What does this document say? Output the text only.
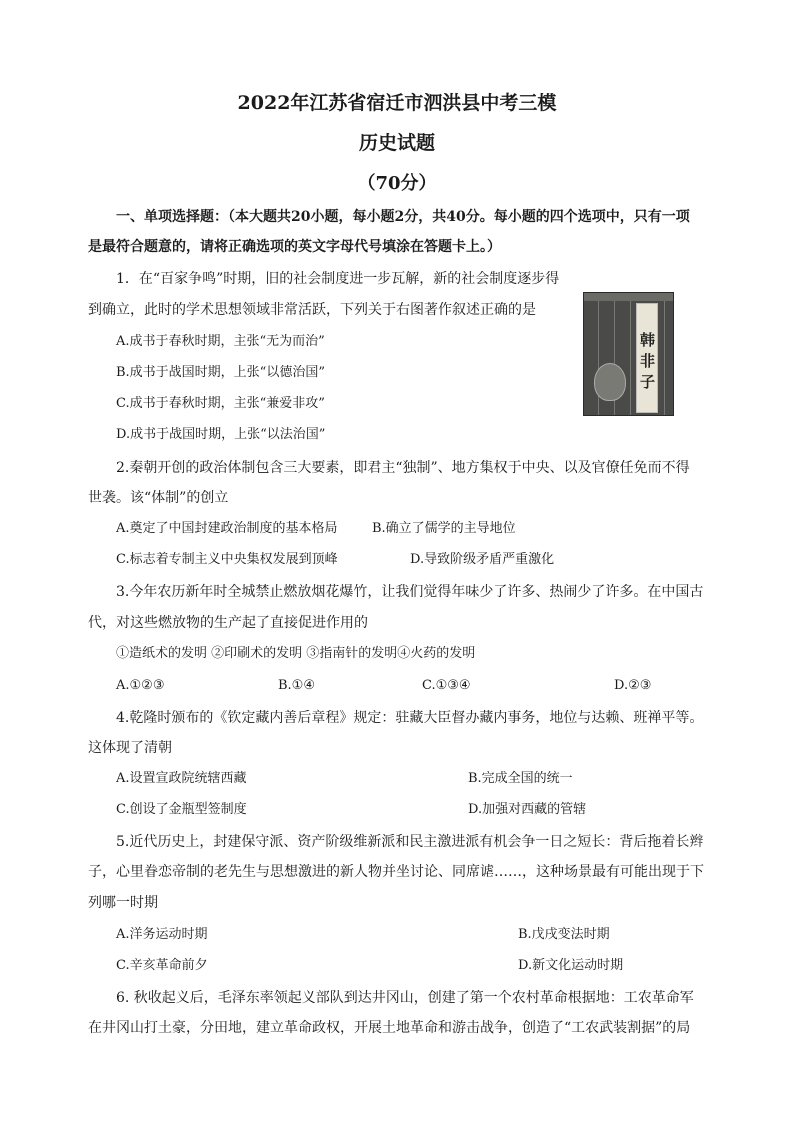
2022年江苏省宿迁市泗洪县中考三模
历史试题
（70分）
一、单项选择题：（本大题共20小题，每小题2分，共40分。每小题的四个选项中，只有一项
是最符合题意的，请将正确选项的英文字母代号填涂在答题卡上。）
1．在“百家争鸣”时期，旧的社会制度进一步瓦解，新的社会制度逐步得
到确立，此时的学术思想领域非常活跃，下列关于右图著作叙述正确的是
A.成书于春秋时期，主张“无为而治”
B.成书于战国时期，上张“以德治国”
C.成书于春秋时期，主张“兼爱非攻”
D.成书于战国时期，上张“以法治国”
韩非子
2.秦朝开创的政治体制包含三大要素，即君主“独制”、地方集权于中央、以及官僚任免而不得
世袭。该“体制”的创立
A.奠定了中国封建政治制度的基本格局	B.确立了儒学的主导地位
C.标志着专制主义中央集权发展到顶峰	D.导致阶级矛盾严重激化
3.今年农历新年时全城禁止燃放烟花爆竹，让我们觉得年味少了许多、热闹少了许多。在中国古
代，对这些燃放物的生产起了直接促进作用的
①造纸术的发明 ②印刷术的发明 ③指南针的发明④火药的发明
A.①②③	B.①④	C.①③④	D.②③
4.乾隆时颁布的《钦定藏内善后章程》规定：驻藏大臣督办藏内事务，地位与达赖、班禅平等。
这体现了清朝
A.设置宣政院统辖西藏	B.完成全国的统一
C.创设了金瓶型签制度	D.加强对西藏的管辖
5.近代历史上，封建保守派、资产阶级维新派和民主激进派有机会争一日之短长：背后拖着长辫
子，心里眷恋帝制的老先生与思想激进的新人物并坐讨论、同席谑……，这种场景最有可能出现于下
列哪一时期
A.洋务运动时期	B.戊戌变法时期
C.辛亥革命前夕	D.新文化运动时期
6. 秋收起义后，毛泽东率领起义部队到达井冈山，创建了第一个农村革命根据地：工农革命军
在井冈山打土豪，分田地，建立革命政权，开展土地革命和游击战争，创造了“工农武装割据”的局
